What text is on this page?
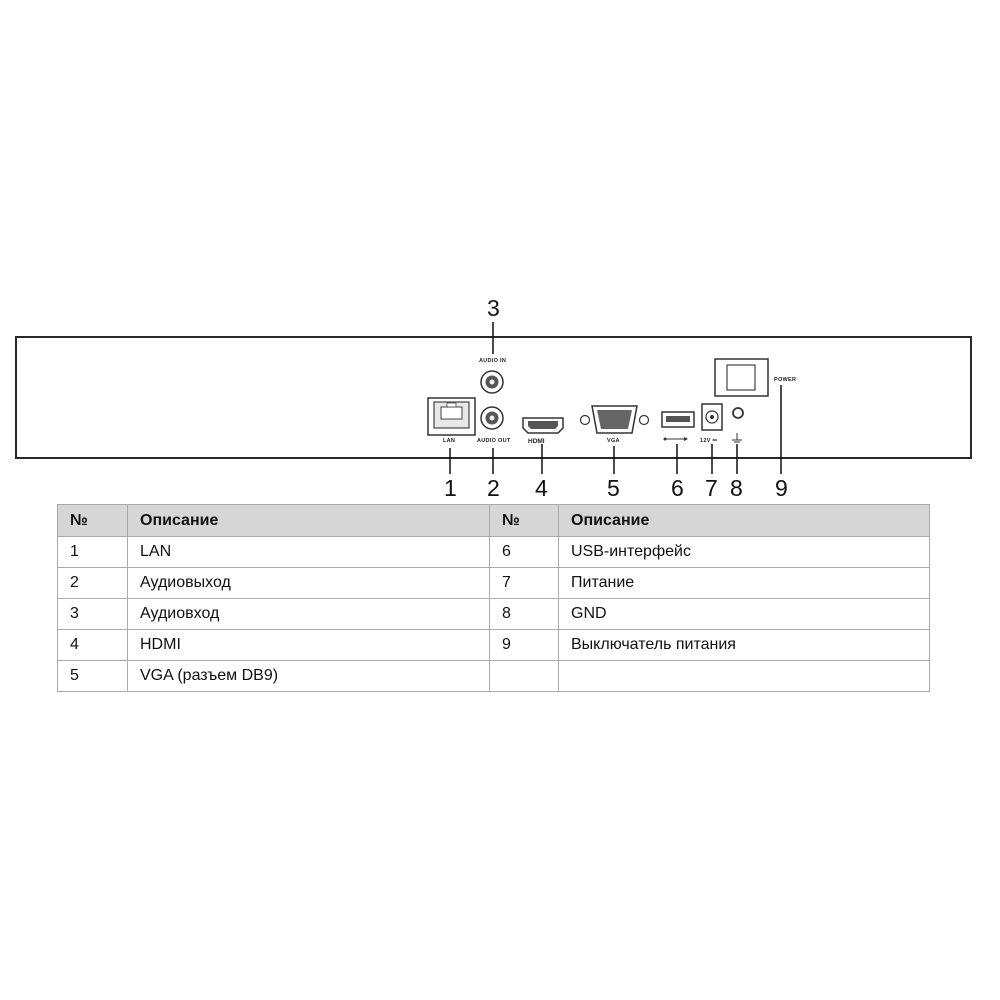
LAN
AUDIO IN
AUDIO OUT	HDMI	VGA	12V ⎓
POWER
1 2
3
4	5 6 7 8 9
№	Описание	№	Описание
1	LAN	6	USB-интерфейс
2	Аудиовыход	7	Питание
3	Аудиовход	8	GND
4	HDMI	9	Выключатель питания
5	VGA (разъем DB9)		
